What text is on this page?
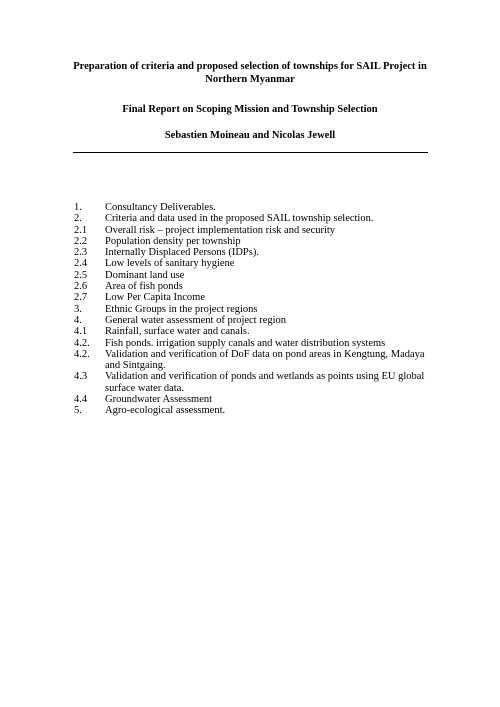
Preparation of criteria and proposed selection of townships for SAIL Project in Northern Myanmar

Final Report on Scoping Mission and Township Selection

Sebastien Moineau and Nicolas Jewell

1.	Consultancy Deliverables.
2.	Criteria and data used in the proposed SAIL township selection.
2.1	Overall risk – project implementation risk and security
2.2	Population density per township
2.3	Internally Displaced Persons (IDPs).
2.4	Low levels of sanitary hygiene
2.5	Dominant land use
2.6	Area of fish ponds
2.7	Low Per Capita Income
3.	Ethnic Groups in the project regions
4.	General water assessment of project region
4.1	Rainfall, surface water and canals.
4.2.	Fish ponds. irrigation supply canals and water distribution systems
4.2.	Validation and verification of DoF data on pond areas in Kengtung, Madaya and Sintgaing.
4.3	Validation and verification of ponds and wetlands as points using EU global surface water data.
4.4	Groundwater Assessment
5.	Agro-ecological assessment.
